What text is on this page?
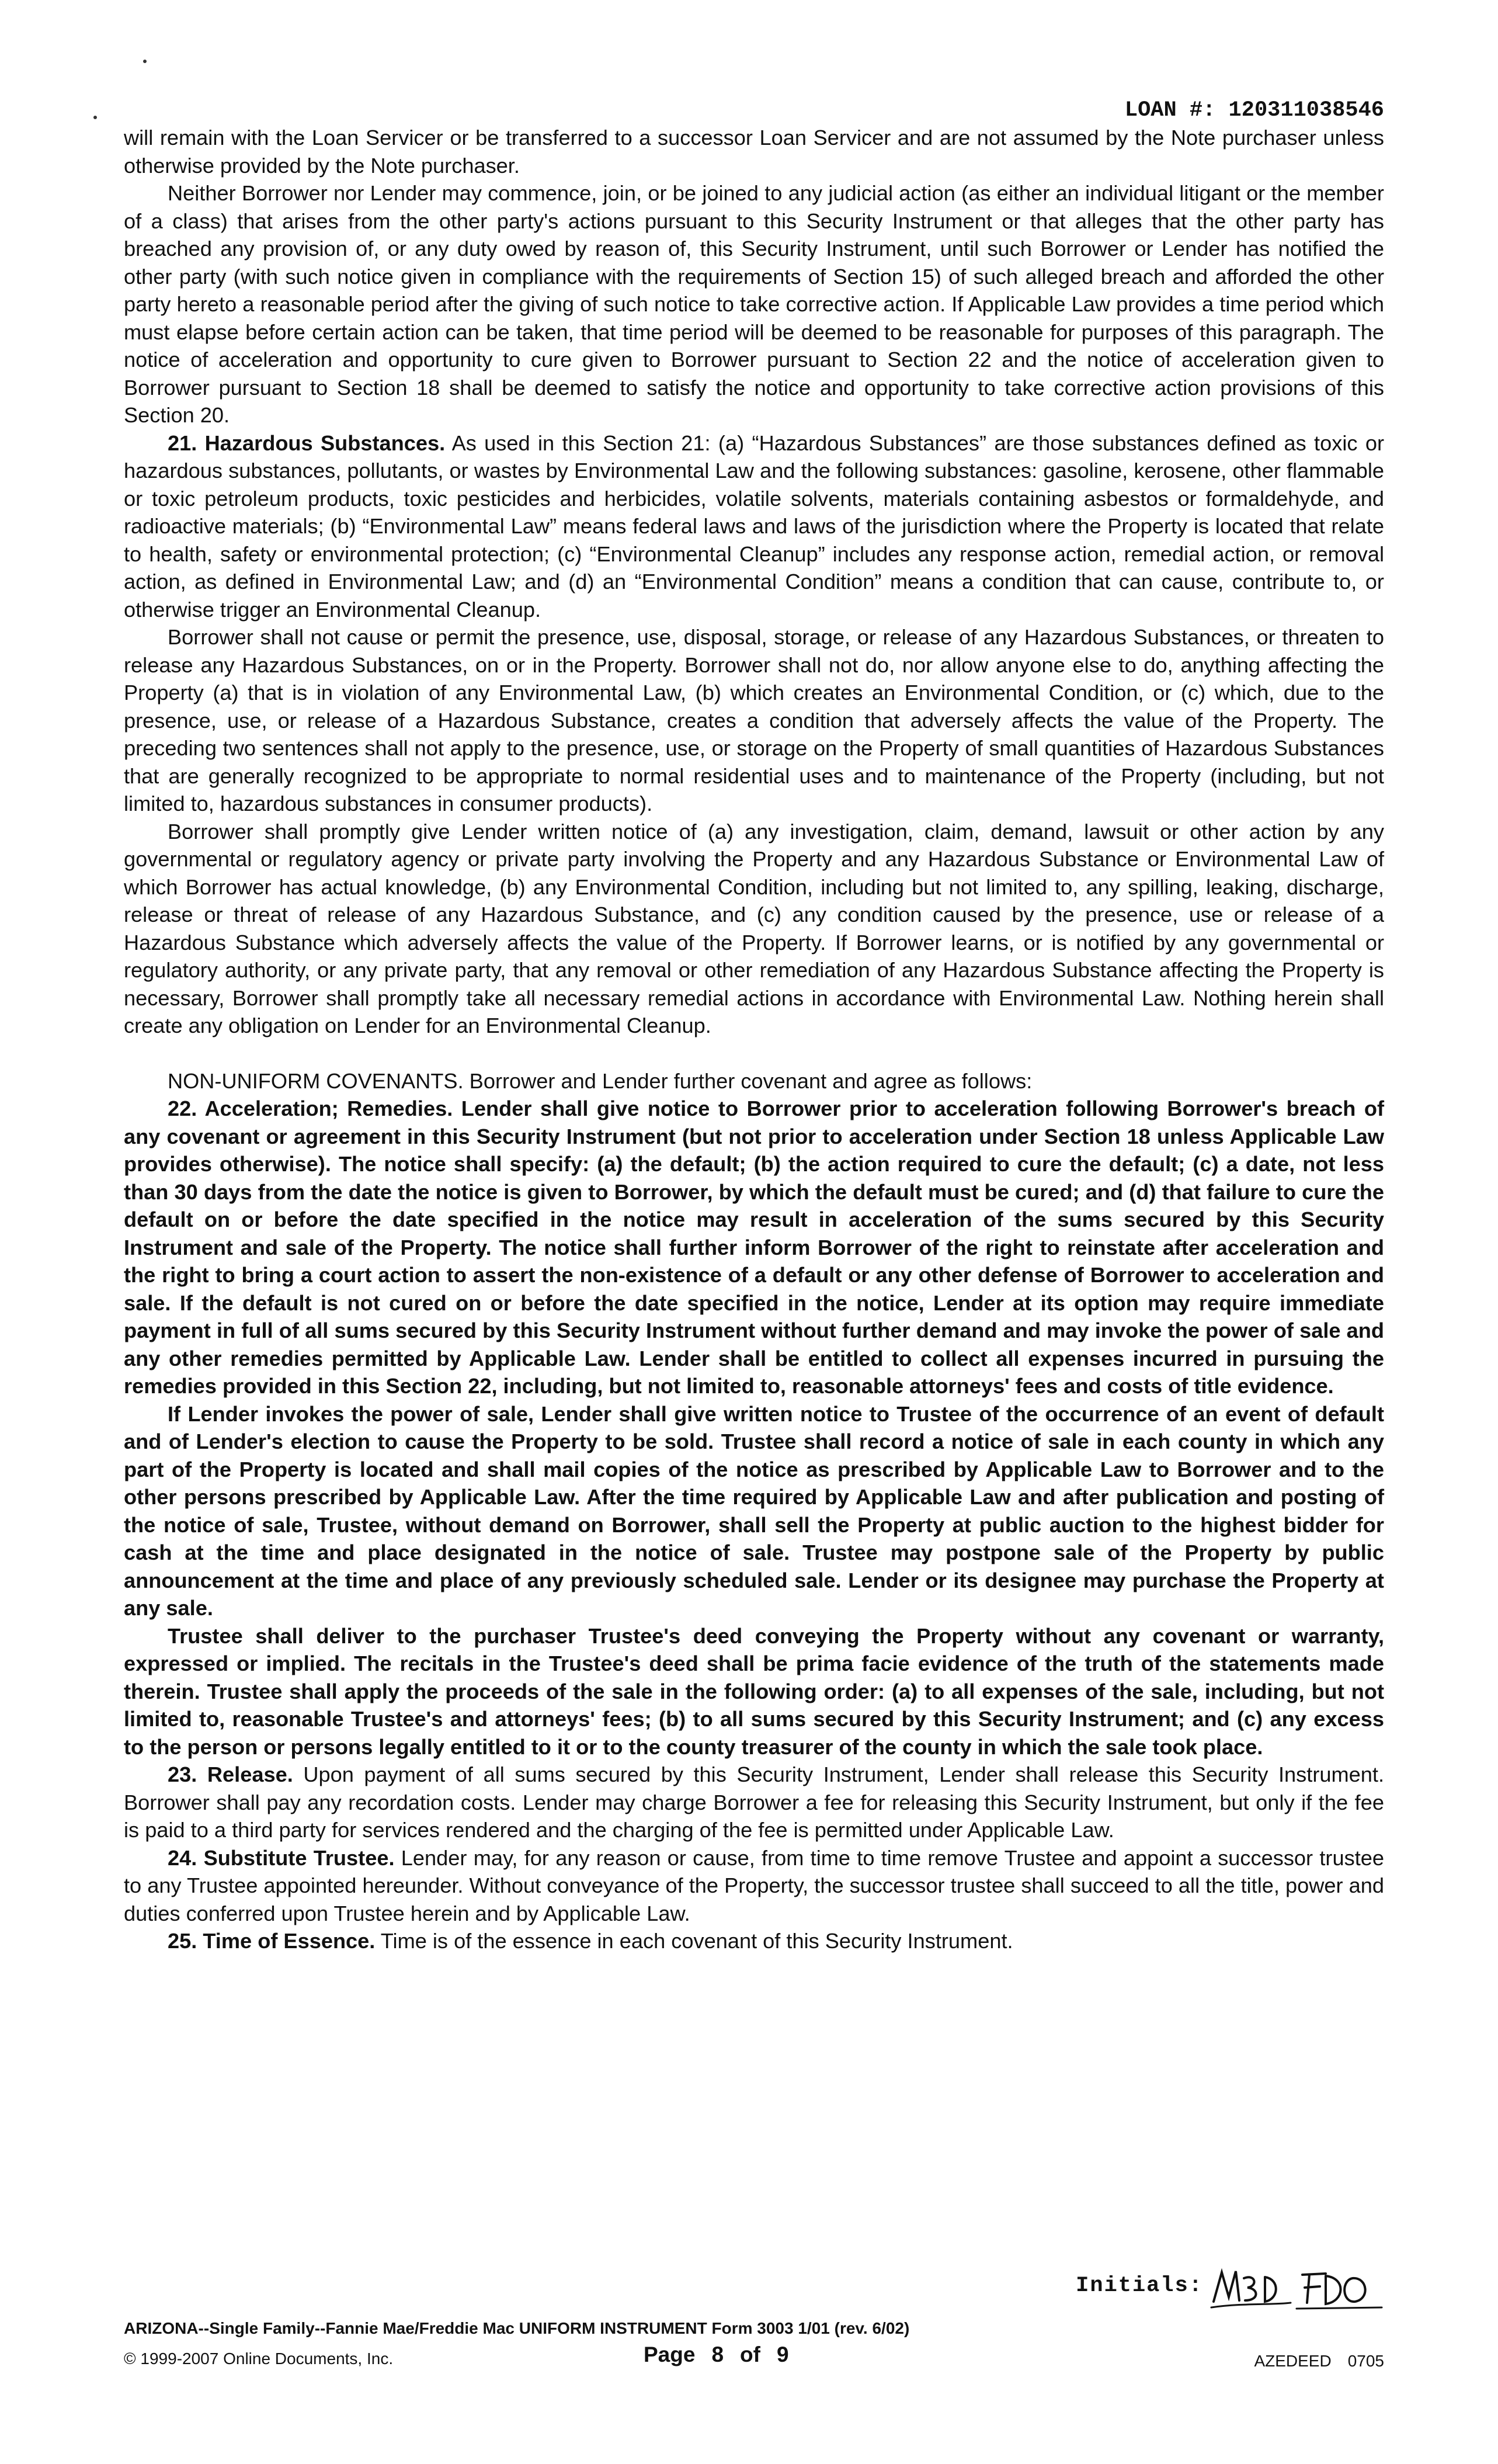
LOAN #: 120311038546

will remain with the Loan Servicer or be transferred to a successor Loan Servicer and are not assumed by the Note purchaser unless otherwise provided by the Note purchaser.

Neither Borrower nor Lender may commence, join, or be joined to any judicial action (as either an individual litigant or the member of a class) that arises from the other party's actions pursuant to this Security Instrument or that alleges that the other party has breached any provision of, or any duty owed by reason of, this Security Instrument, until such Borrower or Lender has notified the other party (with such notice given in compliance with the requirements of Section 15) of such alleged breach and afforded the other party hereto a reasonable period after the giving of such notice to take corrective action. If Applicable Law provides a time period which must elapse before certain action can be taken, that time period will be deemed to be reasonable for purposes of this paragraph. The notice of acceleration and opportunity to cure given to Borrower pursuant to Section 22 and the notice of acceleration given to Borrower pursuant to Section 18 shall be deemed to satisfy the notice and opportunity to take corrective action provisions of this Section 20.

21. Hazardous Substances. As used in this Section 21: (a) “Hazardous Substances” are those substances defined as toxic or hazardous substances, pollutants, or wastes by Environmental Law and the following substances: gasoline, kerosene, other flammable or toxic petroleum products, toxic pesticides and herbicides, volatile solvents, materials containing asbestos or formaldehyde, and radioactive materials; (b) “Environmental Law” means federal laws and laws of the jurisdiction where the Property is located that relate to health, safety or environmental protection; (c) “Environmental Cleanup” includes any response action, remedial action, or removal action, as defined in Environmental Law; and (d) an “Environmental Condition” means a condition that can cause, contribute to, or otherwise trigger an Environmental Cleanup.

Borrower shall not cause or permit the presence, use, disposal, storage, or release of any Hazardous Substances, or threaten to release any Hazardous Substances, on or in the Property. Borrower shall not do, nor allow anyone else to do, anything affecting the Property (a) that is in violation of any Environmental Law, (b) which creates an Environmental Condition, or (c) which, due to the presence, use, or release of a Hazardous Substance, creates a condition that adversely affects the value of the Property. The preceding two sentences shall not apply to the presence, use, or storage on the Property of small quantities of Hazardous Substances that are generally recognized to be appropriate to normal residential uses and to maintenance of the Property (including, but not limited to, hazardous substances in consumer products).

Borrower shall promptly give Lender written notice of (a) any investigation, claim, demand, lawsuit or other action by any governmental or regulatory agency or private party involving the Property and any Hazardous Substance or Environmental Law of which Borrower has actual knowledge, (b) any Environmental Condition, including but not limited to, any spilling, leaking, discharge, release or threat of release of any Hazardous Substance, and (c) any condition caused by the presence, use or release of a Hazardous Substance which adversely affects the value of the Property. If Borrower learns, or is notified by any governmental or regulatory authority, or any private party, that any removal or other remediation of any Hazardous Substance affecting the Property is necessary, Borrower shall promptly take all necessary remedial actions in accordance with Environmental Law. Nothing herein shall create any obligation on Lender for an Environmental Cleanup.

NON-UNIFORM COVENANTS. Borrower and Lender further covenant and agree as follows:

22. Acceleration; Remedies. Lender shall give notice to Borrower prior to acceleration following Borrower's breach of any covenant or agreement in this Security Instrument (but not prior to acceleration under Section 18 unless Applicable Law provides otherwise). The notice shall specify: (a) the default; (b) the action required to cure the default; (c) a date, not less than 30 days from the date the notice is given to Borrower, by which the default must be cured; and (d) that failure to cure the default on or before the date specified in the notice may result in acceleration of the sums secured by this Security Instrument and sale of the Property. The notice shall further inform Borrower of the right to reinstate after acceleration and the right to bring a court action to assert the non-existence of a default or any other defense of Borrower to acceleration and sale. If the default is not cured on or before the date specified in the notice, Lender at its option may require immediate payment in full of all sums secured by this Security Instrument without further demand and may invoke the power of sale and any other remedies permitted by Applicable Law. Lender shall be entitled to collect all expenses incurred in pursuing the remedies provided in this Section 22, including, but not limited to, reasonable attorneys' fees and costs of title evidence.

If Lender invokes the power of sale, Lender shall give written notice to Trustee of the occurrence of an event of default and of Lender's election to cause the Property to be sold. Trustee shall record a notice of sale in each county in which any part of the Property is located and shall mail copies of the notice as prescribed by Applicable Law to Borrower and to the other persons prescribed by Applicable Law. After the time required by Applicable Law and after publication and posting of the notice of sale, Trustee, without demand on Borrower, shall sell the Property at public auction to the highest bidder for cash at the time and place designated in the notice of sale. Trustee may postpone sale of the Property by public announcement at the time and place of any previously scheduled sale. Lender or its designee may purchase the Property at any sale.

Trustee shall deliver to the purchaser Trustee's deed conveying the Property without any covenant or warranty, expressed or implied. The recitals in the Trustee's deed shall be prima facie evidence of the truth of the statements made therein. Trustee shall apply the proceeds of the sale in the following order: (a) to all expenses of the sale, including, but not limited to, reasonable Trustee's and attorneys' fees; (b) to all sums secured by this Security Instrument; and (c) any excess to the person or persons legally entitled to it or to the county treasurer of the county in which the sale took place.

23. Release. Upon payment of all sums secured by this Security Instrument, Lender shall release this Security Instrument. Borrower shall pay any recordation costs. Lender may charge Borrower a fee for releasing this Security Instrument, but only if the fee is paid to a third party for services rendered and the charging of the fee is permitted under Applicable Law.

24. Substitute Trustee. Lender may, for any reason or cause, from time to time remove Trustee and appoint a successor trustee to any Trustee appointed hereunder. Without conveyance of the Property, the successor trustee shall succeed to all the title, power and duties conferred upon Trustee herein and by Applicable Law.

25. Time of Essence. Time is of the essence in each covenant of this Security Instrument.

Initials:
ARIZONA--Single Family--Fannie Mae/Freddie Mac UNIFORM INSTRUMENT Form 3003 1/01 (rev. 6/02)
© 1999-2007 Online Documents, Inc.	Page 8 of 9	AZEDEED 0705
